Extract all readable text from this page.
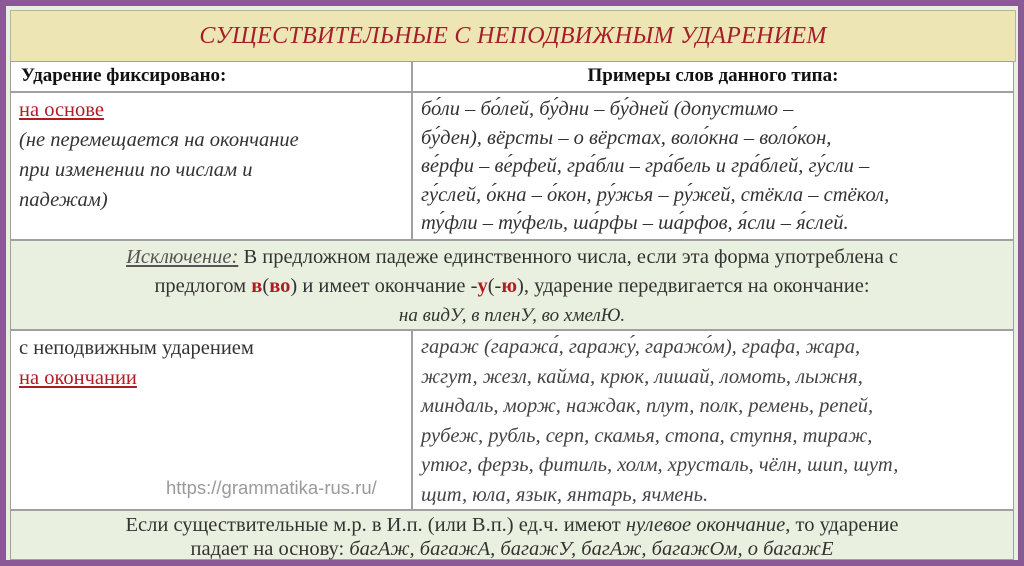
СУЩЕСТВИТЕЛЬНЫЕ С НЕПОДВИЖНЫМ УДАРЕНИЕМ
Ударение фиксировано:	Примеры слов данного типа:
на основе
(не перемещается на окончание
при изменении по числам и
падежам)
бо́ли – бо́лей, бу́дни – бу́дней (допустимо –
бу́ден), вёрсты – о вёрстах, воло́кна – воло́кон,
ве́рфи – ве́рфей, гра́бли – гра́бель и гра́блей, гу́сли –
гу́слей, о́кна – о́кон, ру́жья – ру́жей, стёкла – стёкол,
ту́фли – ту́фель, ша́рфы – ша́рфов, я́сли – я́слей.
Исключение: В предложном падеже единственного числа, если эта форма употреблена с
предлогом в(во) и имеет окончание -у(-ю), ударение передвигается на окончание:
на видУ, в пленУ, во хмелЮ.
с неподвижным ударением
на окончании
гараж (гаража́, гаражу́, гаражо́м), графа, жара,
жгут, жезл, кайма, крюк, лишай, ломоть, лыжня,
миндаль, морж, наждак, плут, полк, ремень, репей,
рубеж, рубль, серп, скамья, стопа, ступня, тираж,
утюг, ферзь, фитиль, холм, хрусталь, чёлн, шип, шут,
щит, юла, язык, янтарь, ячмень.
https://grammatika-rus.ru/
Если существительные м.р. в И.п. (или В.п.) ед.ч. имеют нулевое окончание, то ударение
падает на основу: багАж, багажА, багажУ, багАж, багажОм, о багажЕ
